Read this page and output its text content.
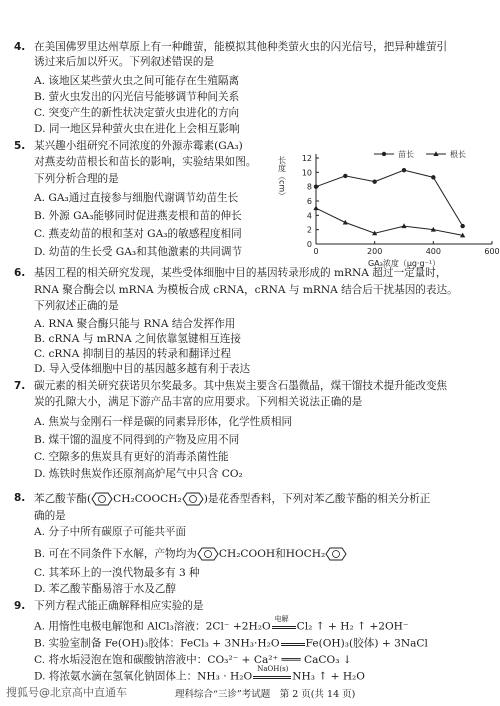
4. 在美国佛罗里达州草原上有一种雌萤，能模拟其他种类萤火虫的闪光信号，把异种雄萤引
诱过来后加以歼灭。下列叙述错误的是
A. 该地区某些萤火虫之间可能存在生殖隔离
B. 萤火虫发出的闪光信号能够调节种间关系
C. 突变产生的新性状决定萤火虫进化的方向
D. 同一地区异种萤火虫在进化上会相互影响
5. 某兴趣小组研究不同浓度的外源赤霉素(GA₃)
对燕麦幼苗根长和苗长的影响，实验结果如图。
下列分析合理的是
A. GA₃通过直接参与细胞代谢调节幼苗生长
B. 外源 GA₃能够同时促进燕麦根和苗的伸长
C. 燕麦幼苗的根和茎对 GA₃的敏感程度相同
D. 幼苗的生长受 GA₃和其他激素的共同调节
0
2
4
6
8
10
12
0	200	400	600
长度（cm）
GA₃浓度（μg·g⁻¹）
苗长	根长
6. 基因工程的相关研究发现，某些受体细胞中目的基因转录形成的 mRNA 超过一定量时，
RNA 聚合酶会以 mRNA 为模板合成 cRNA，cRNA 与 mRNA 结合后干扰基因的表达。
下列叙述正确的是
A. RNA 聚合酶只能与 RNA 结合发挥作用
B. cRNA 与 mRNA 之间依靠氢键相互连接
C. cRNA 抑制目的基因的转录和翻译过程
D. 导入受体细胞中目的基因越多越有利于表达
7. 碳元素的相关研究获诺贝尔奖最多。其中焦炭主要含石墨微晶，煤干馏技术提升能改变焦
炭的孔隙大小，满足下游产品丰富的应用要求。下列相关说法正确的是
A. 焦炭与金刚石一样是碳的同素异形体，化学性质相同
B. 煤干馏的温度不同得到的产物及应用不同
C. 空隙多的焦炭具有更好的消毒杀菌性能
D. 炼铁时焦炭作还原剂高炉尾气中只含 CO₂
8. 苯乙酸苄酯( CH₂COOCH₂ )是花香型香料，下列对苯乙酸苄酯的相关分析正
确的是
A. 分子中所有碳原子可能共平面
B. 可在不同条件下水解，产物均为 CH₂COOH和HOCH₂
C. 其苯环上的一溴代物最多有 3 种
D. 苯乙酸苄酯易溶于水及乙醇
9. 下列方程式能正确解释相应实验的是
A. 用惰性电极电解饱和 AlCl₃溶液：2Cl⁻ +2H₂O
电解
Cl₂ ↑ + H₂ ↑ +2OH⁻
B. 实验室制备 Fe(OH)₃胶体：FeCl₃ + 3NH₃·H₂O Fe(OH)₃(胶体) + 3NaCl
C. 将水垢浸泡在饱和碳酸钠溶液中：CO₃²⁻ + Ca²⁺ ═══ CaCO₃ ↓
D. 将浓氨水滴在氢氧化钠固体上：NH₃ · H₂O
NaOH(s)
NH₃ ↑ + H₂O
搜狐号@北京高中直通车	理科综合“三诊”考试题　第 2 页(共 14 页)
